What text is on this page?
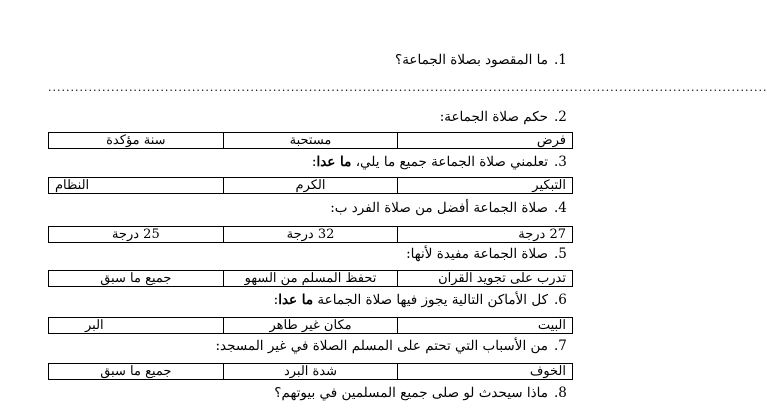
.1ما المقصود بصلاة الجماعة؟
................................................................................................................................................................
.2حكم صلاة الجماعة:
فرض	مستحبة	سنة مؤكدة
.3تعلمني صلاة الجماعة جميع ما يلي، ما عدا:
التبكير	الكرم	النظام
.4صلاة الجماعة أفضل من صلاة الفرد ب:
27 درجة	32 درجة	25 درجة
.5صلاة الجماعة مفيدة لأنها:
تدرب على تجويد القرآن	تحفظ المسلم من السهو	جميع ما سبق
.6كل الأماكن التالية يجوز فيها صلاة الجماعة ما عدا:
البيت	مكان غير طاهر	البر
.7من الأسباب التي تحتم على المسلم الصلاة في غير المسجد:
الخوف	شدة البرد	جميع ما سبق
.8ماذا سيحدث لو صلى جميع المسلمين في بيوتهم؟
